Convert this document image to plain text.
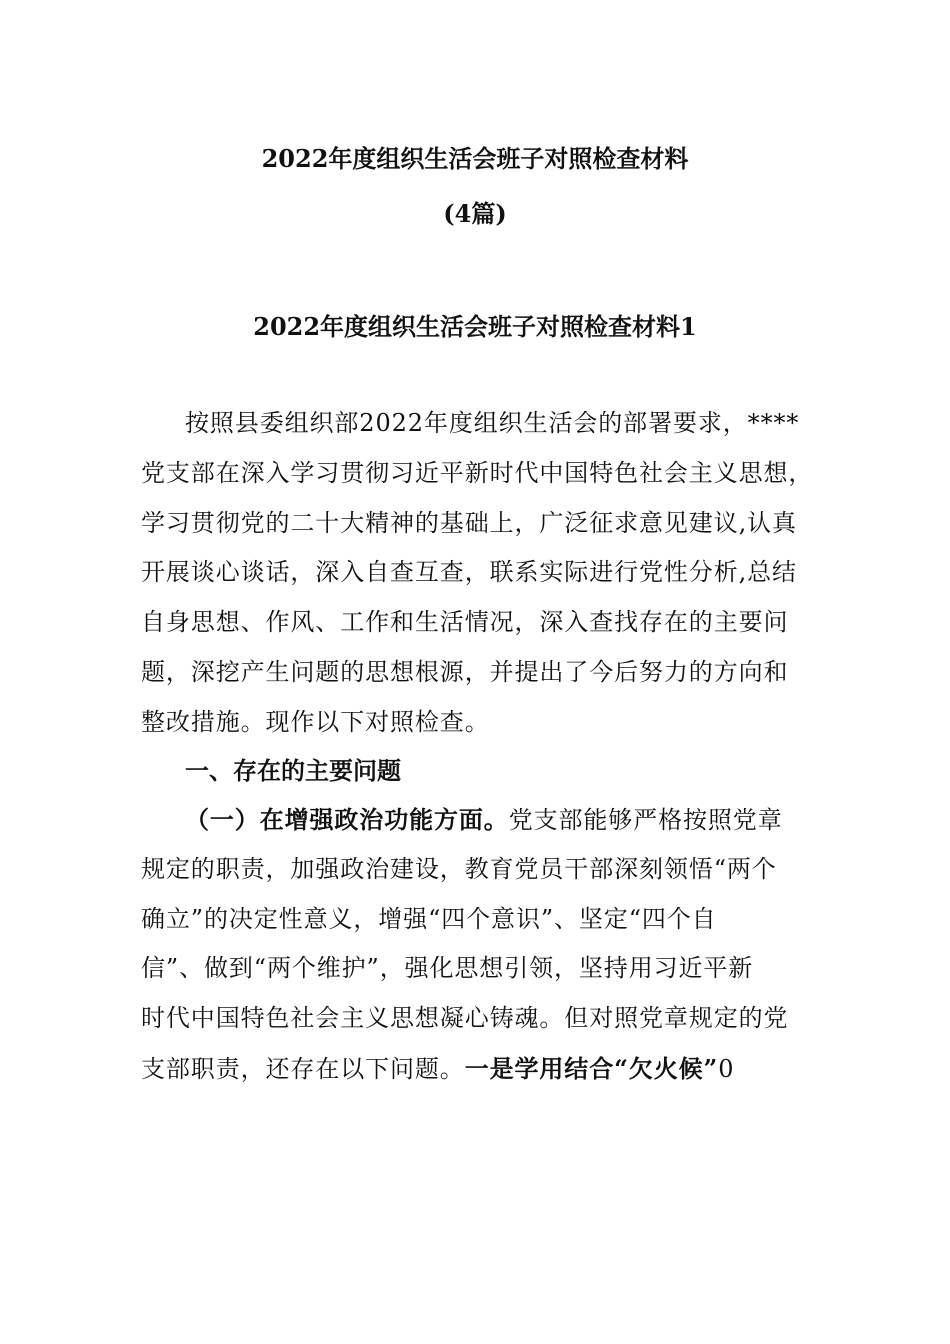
2022年度组织生活会班子对照检查材料
(4篇)
2022年度组织生活会班子对照检查材料1
按照县委组织部2022年度组织生活会的部署要求，****
党支部在深入学习贯彻习近平新时代中国特色社会主义思想，
学习贯彻党的二十大精神的基础上，广泛征求意见建议,认真
开展谈心谈话，深入自查互查，联系实际进行党性分析,总结
自身思想、作风、工作和生活情况，深入查找存在的主要问
题，深挖产生问题的思想根源，并提出了今后努力的方向和
整改措施。现作以下对照检查。
一、存在的主要问题
（一）在增强政治功能方面。党支部能够严格按照党章
规定的职责，加强政治建设，教育党员干部深刻领悟“两个
确立”的决定性意义，增强“四个意识”、坚定“四个自
信”、做到“两个维护”，强化思想引领，坚持用习近平新
时代中国特色社会主义思想凝心铸魂。但对照党章规定的党
支部职责，还存在以下问题。一是学用结合“欠火候”0
